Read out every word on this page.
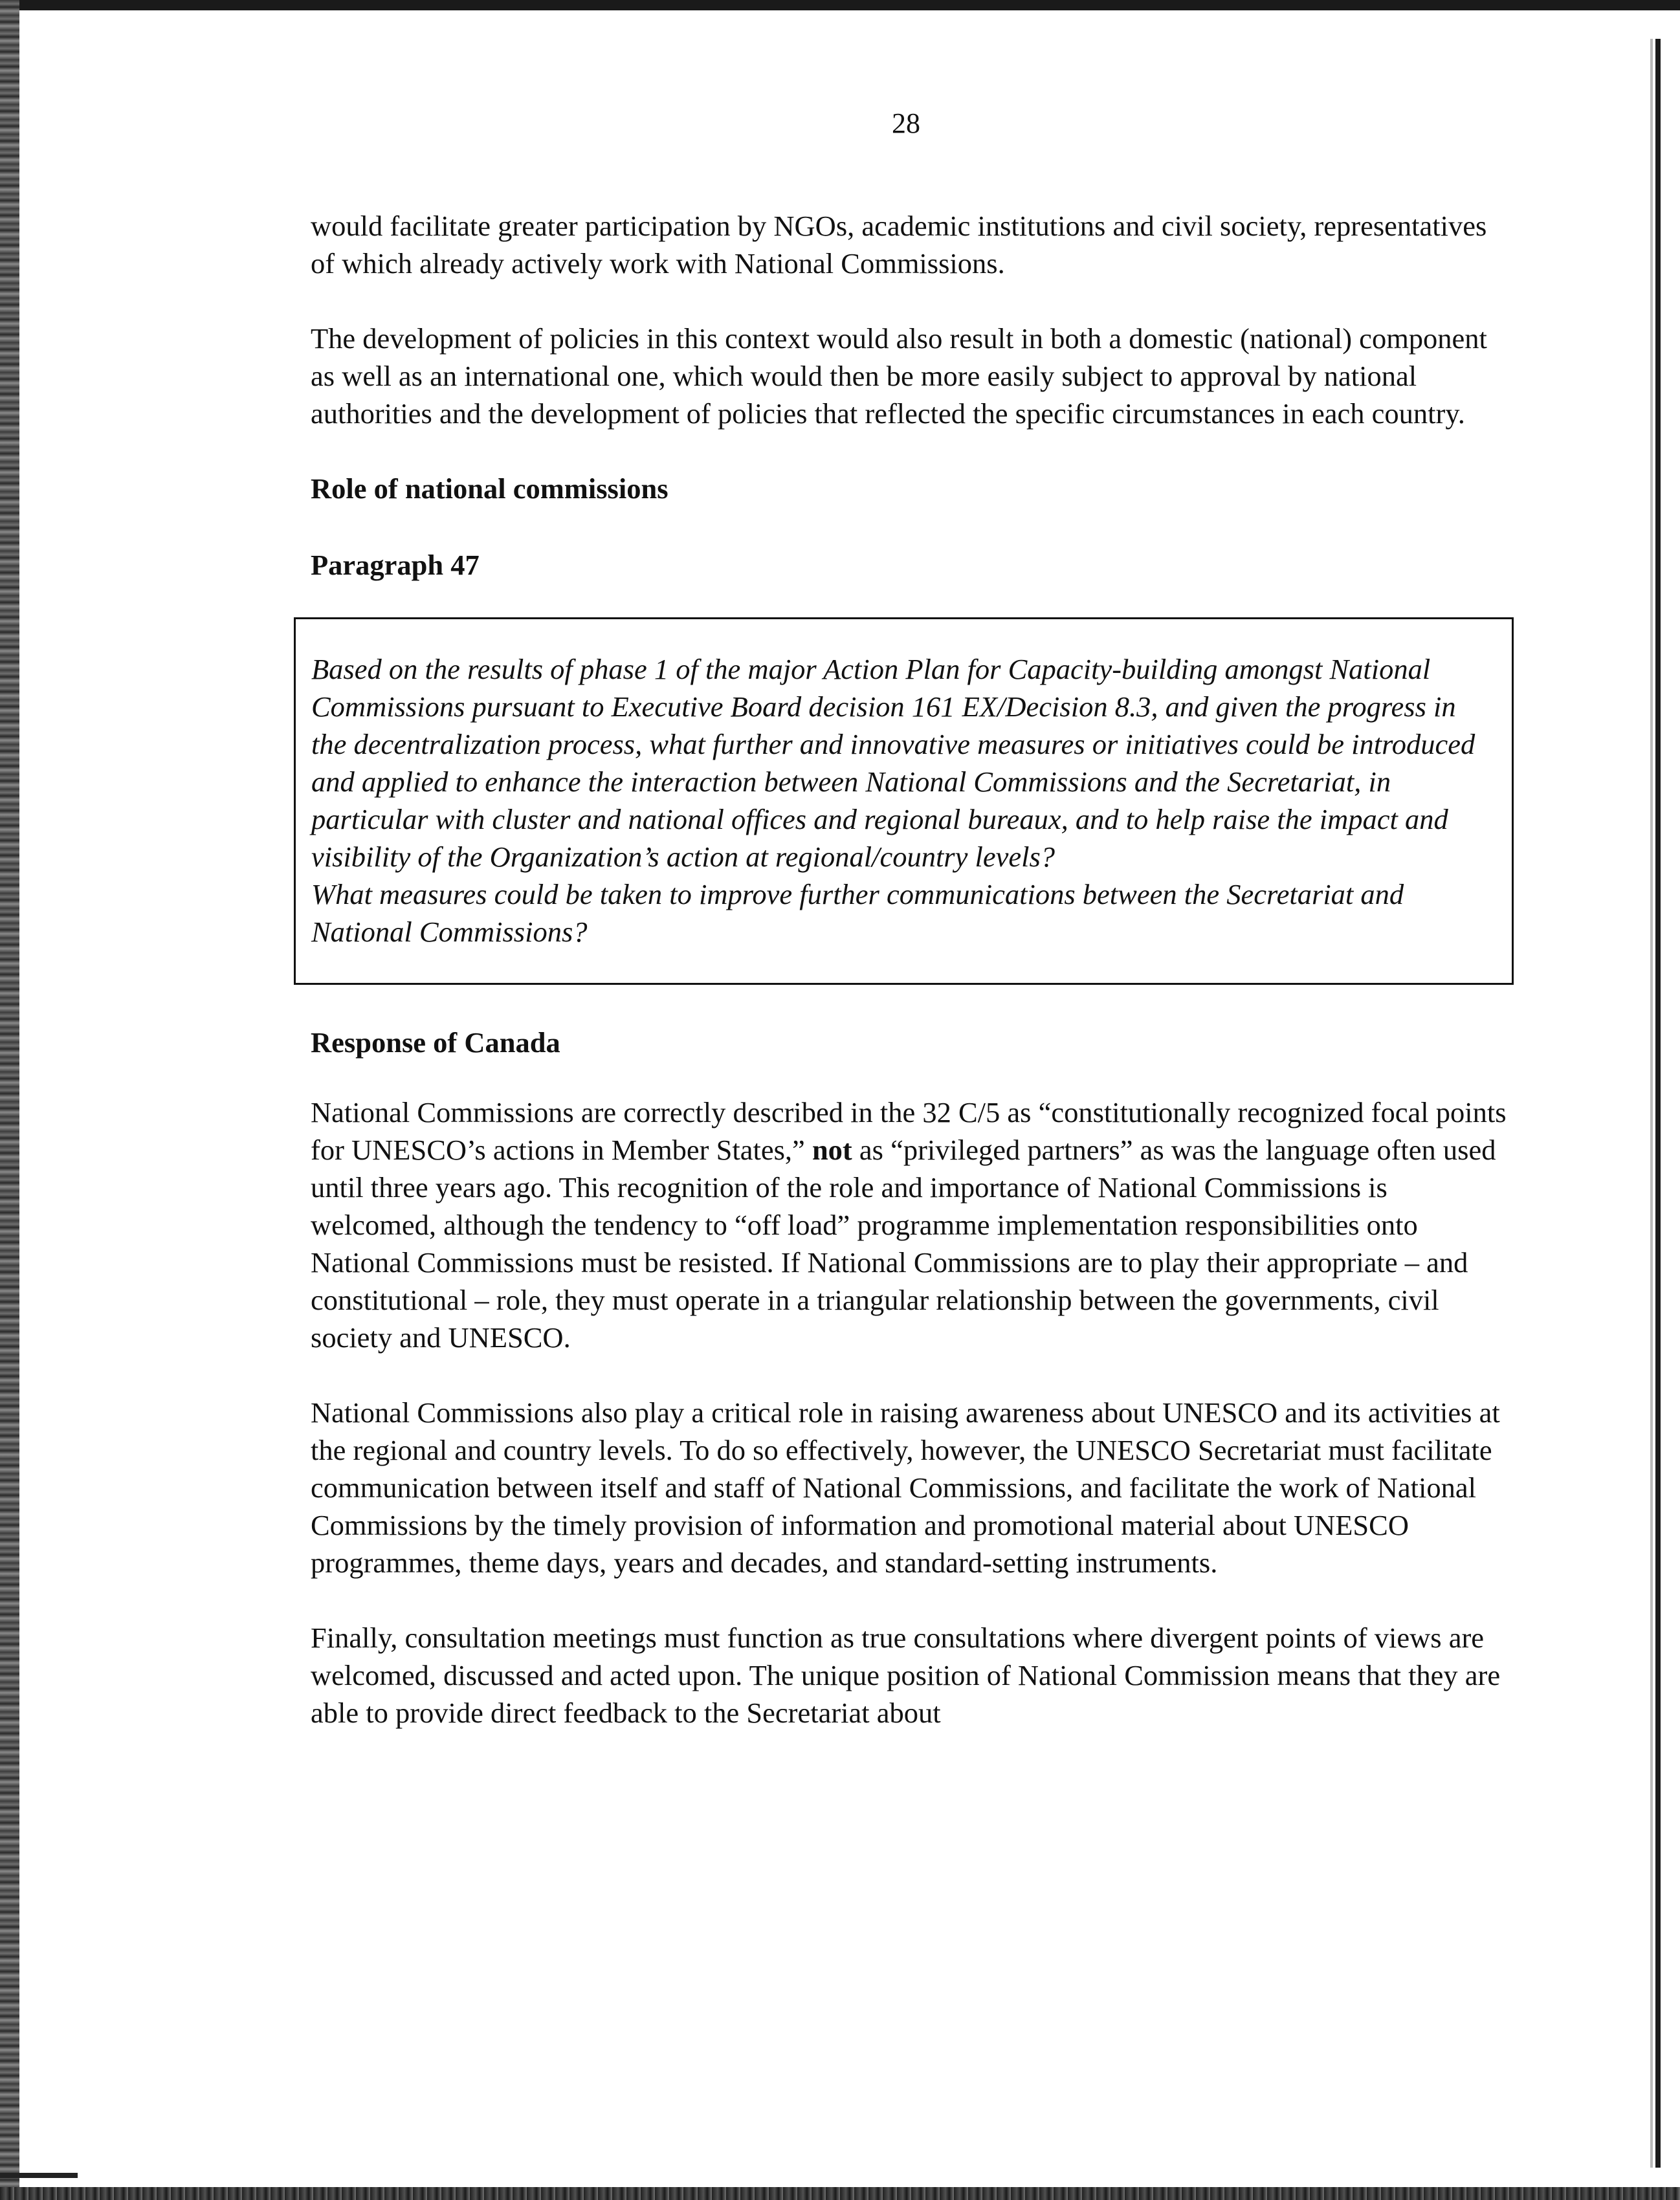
28

would facilitate greater participation by NGOs, academic institutions and civil society, representatives of which already actively work with National Commissions.

The development of policies in this context would also result in both a domestic (national) component as well as an international one, which would then be more easily subject to approval by national authorities and the development of policies that reflected the specific circumstances in each country.

Role of national commissions

Paragraph 47

Based on the results of phase 1 of the major Action Plan for Capacity-building amongst National Commissions pursuant to Executive Board decision 161 EX/Decision 8.3, and given the progress in the decentralization process, what further and innovative measures or initiatives could be introduced and applied to enhance the interaction between National Commissions and the Secretariat, in particular with cluster and national offices and regional bureaux, and to help raise the impact and visibility of the Organization’s action at regional/country levels?

What measures could be taken to improve further communications between the Secretariat and National Commissions?

Response of Canada

National Commissions are correctly described in the 32 C/5 as “constitutionally recognized focal points for UNESCO’s actions in Member States,” not as “privileged partners” as was the language often used until three years ago. This recognition of the role and importance of National Commissions is welcomed, although the tendency to “off load” programme implementation responsibilities onto National Commissions must be resisted. If National Commissions are to play their appropriate – and constitutional – role, they must operate in a triangular relationship between the governments, civil society and UNESCO.

National Commissions also play a critical role in raising awareness about UNESCO and its activities at the regional and country levels. To do so effectively, however, the UNESCO Secretariat must facilitate communication between itself and staff of National Commissions, and facilitate the work of National Commissions by the timely provision of information and promotional material about UNESCO programmes, theme days, years and decades, and standard-setting instruments.

Finally, consultation meetings must function as true consultations where divergent points of views are welcomed, discussed and acted upon. The unique position of National Commission means that they are able to provide direct feedback to the Secretariat about
